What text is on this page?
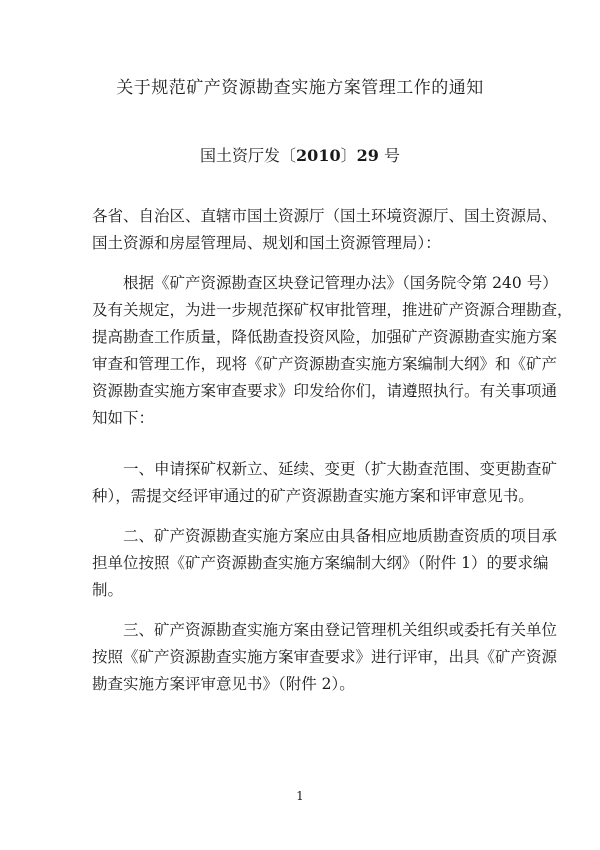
关于规范矿产资源勘查实施方案管理工作的通知
国土资厅发〔2010〕29 号
各省、自治区、直辖市国土资源厅（国土环境资源厅、国土资源局、
国土资源和房屋管理局、规划和国土资源管理局）：
根据《矿产资源勘查区块登记管理办法》（国务院令第 240 号）
及有关规定，为进一步规范探矿权审批管理，推进矿产资源合理勘查，
提高勘查工作质量，降低勘查投资风险，加强矿产资源勘查实施方案
审查和管理工作，现将《矿产资源勘查实施方案编制大纲》和《矿产
资源勘查实施方案审查要求》印发给你们，请遵照执行。有关事项通
知如下：
一、申请探矿权新立、延续、变更（扩大勘查范围、变更勘查矿
种），需提交经评审通过的矿产资源勘查实施方案和评审意见书。
二、矿产资源勘查实施方案应由具备相应地质勘查资质的项目承
担单位按照《矿产资源勘查实施方案编制大纲》（附件 1）的要求编
制。
三、矿产资源勘查实施方案由登记管理机关组织或委托有关单位
按照《矿产资源勘查实施方案审查要求》进行评审，出具《矿产资源
勘查实施方案评审意见书》（附件 2）。
1
